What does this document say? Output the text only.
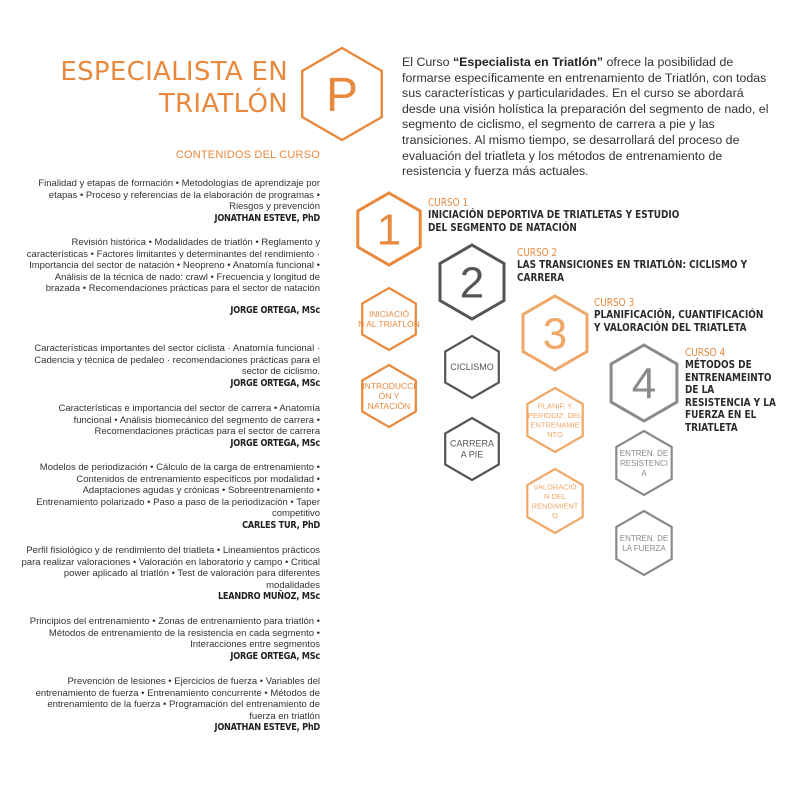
ESPECIALISTA EN
TRIATLÓN P
1
INICIACIÓ
N AL TRIATLÓN
INTRODUCCI
ÓN Y
NATACIÓN
2
CICLISMO
CARRERA
A PIE
3
PLANIF. Y
PERIODIZ. DEL
ENTRENAMIE
NTO
VALORACIÓ
N DEL
RENDIMIENT
O
4
ENTREN. DE
RESISTENCI
A
ENTREN. DE
LA FUERZA
CONTENIDOS DEL CURSO
Finalidad y etapas de formación • Metodologías de aprendizaje por etapas • Proceso y referencias de la elaboración de programas • Riesgos y prevención
JONATHAN ESTEVE, PhD
Revisión histórica • Modalidades de triatlón • Reglamento y características • Factores limitantes y determinantes del rendimiento · Importancia del sector de natación • Neopreno • Anatomía funcional • Análisis de la técnica de nado: crawl • Frecuencia y longitud de brazada • Recomendaciones prácticas para el sector de natación
JORGE ORTEGA, MSc
Características importantes del sector ciclista · Anatomía funcional · Cadencia y técnica de pedaleo · recomendaciones prácticas para el sector de ciclismo.
JORGE ORTEGA, MSc
Características e importancia del sector de carrera • Anatomía funcional • Análisis biomecánico del segmento de carrera • Recomendaciones prácticas para el sector de carrera
JORGE ORTEGA, MSc
Modelos de periodización • Cálculo de la carga de entrenamiento • Contenidos de entrenamiento específicos por modalidad • Adaptaciones agudas y crónicas • Sobreentrenamiento • Entrenamiento polarizado • Paso a paso de la periodización • Taper competitivo
CARLES TUR, PhD
Perfil fisiológico y de rendimiento del triatleta • Lineamientos prácticos para realizar valoraciones • Valoración en laboratorio y campo • Critical power aplicado al triatlón • Test de valoración para diferentes modalidades
LEANDRO MUÑOZ, MSc
Principios del entrenamiento • Zonas de entrenamiento para triatlón • Métodos de entrenamiento de la resistencia en cada segmento • Interacciones entre segmentos
JORGE ORTEGA, MSc
Prevención de lesiones • Ejercicios de fuerza • Variables del entrenamiento de fuerza • Entrenamiento concurrente • Métodos de entrenamiento de la fuerza • Programación del entrenamiento de fuerza en triatlón
JONATHAN ESTEVE, PhD
El Curso “Especialista en Triatlón” ofrece la posibilidad de formarse específicamente en entrenamiento de Triatlón, con todas sus características y particularidades. En el curso se abordará desde una visión holística la preparación del segmento de nado, el segmento de ciclismo, el segmento de carrera a pie y las transiciones. Al mismo tiempo, se desarrollará del proceso de evaluación del triatleta y los métodos de entrenamiento de resistencia y fuerza más actuales.
CURSO 1
INICIACIÓN DEPORTIVA DE TRIATLETAS Y ESTUDIO DEL SEGMENTO DE NATACIÓN
CURSO 2
LAS TRANSICIONES EN TRIATLÓN: CICLISMO Y CARRERA
CURSO 3
PLANIFICACIÓN, CUANTIFICACIÓN Y VALORACIÓN DEL TRIATLETA
CURSO 4
MÉTODOS DE ENTRENAMEINTO DE LA RESISTENCIA Y LA FUERZA EN EL TRIATLETA
